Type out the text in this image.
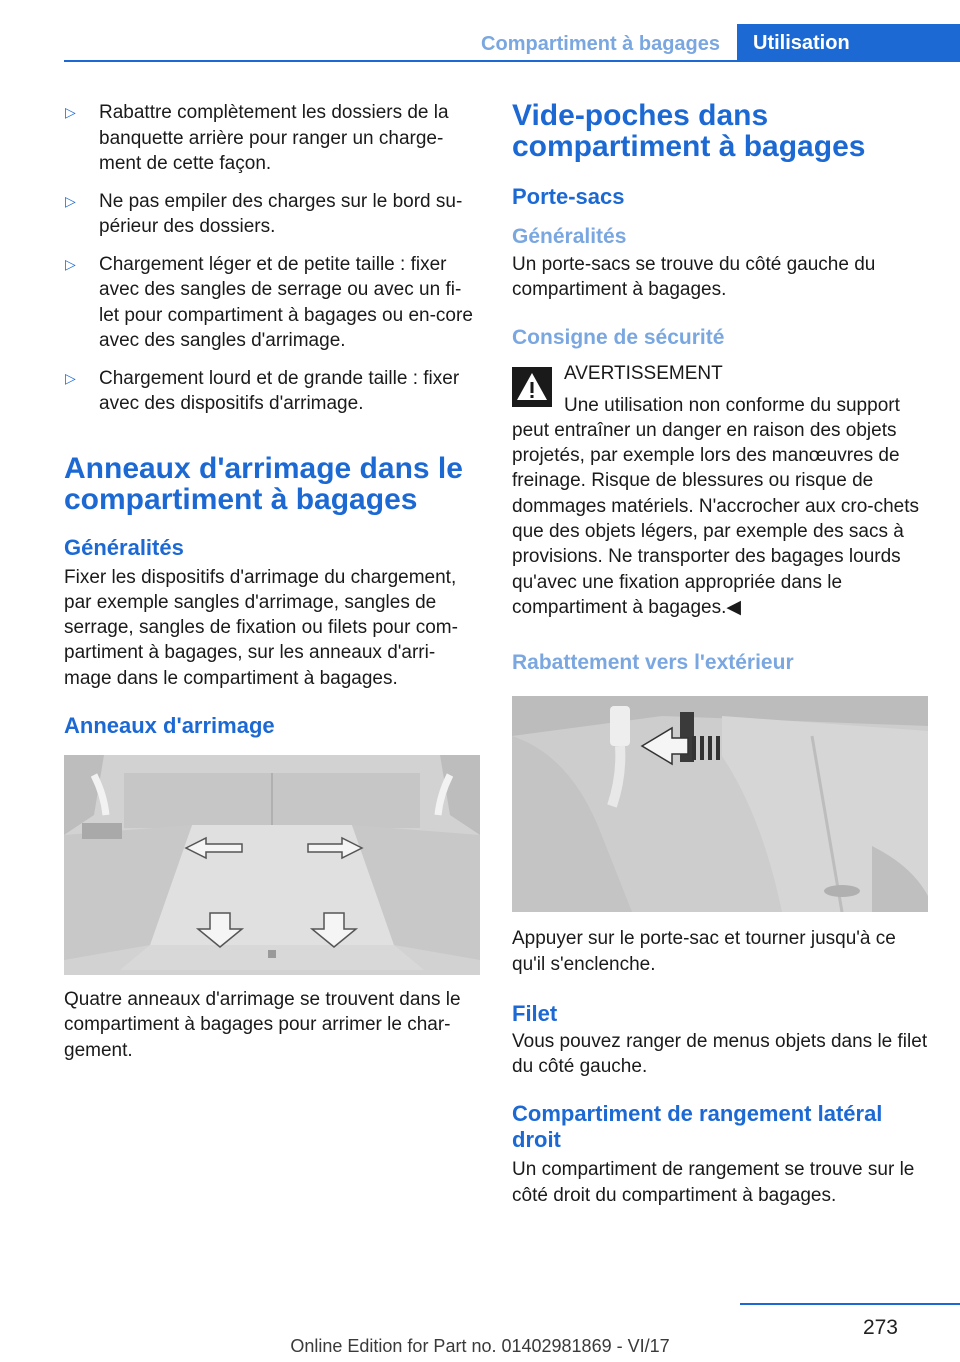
Compartiment à bagages	Utilisation
▷ Rabattre complètement les dossiers de la banquette arrière pour ranger un charge‐ment de cette façon.
▷ Ne pas empiler des charges sur le bord su‐périeur des dossiers.
▷ Chargement léger et de petite taille : fixer avec des sangles de serrage ou avec un fi‐let pour compartiment à bagages ou en‐core avec des sangles d'arrimage.
▷ Chargement lourd et de grande taille : fixer avec des dispositifs d'arrimage.
Anneaux d'arrimage dans le compartiment à bagages
Généralités

Fixer les dispositifs d'arrimage du chargement, par exemple sangles d'arrimage, sangles de serrage, sangles de fixation ou filets pour com‐partiment à bagages, sur les anneaux d'arri‐mage dans le compartiment à bagages.

Anneaux d'arrimage

Quatre anneaux d'arrimage se trouvent dans le compartiment à bagages pour arrimer le char‐gement.

Vide-poches dans compartiment à bagages
Porte-sacs
Généralités

Un porte-sacs se trouve du côté gauche du compartiment à bagages.

Consigne de sécurité
AVERTISSEMENT

Une utilisation non conforme du support peut entraîner un danger en raison des objets projetés, par exemple lors des manœuvres de freinage. Risque de blessures ou risque de dommages matériels. N'accrocher aux cro‐chets que des objets légers, par exemple des sacs à provisions. Ne transporter des bagages lourds qu'avec une fixation appropriée dans le compartiment à bagages.◀

Rabattement vers l'extérieur

Appuyer sur le porte-sac et tourner jusqu'à ce qu'il s'enclenche.

Filet

Vous pouvez ranger de menus objets dans le filet du côté gauche.

Compartiment de rangement latéral droit

Un compartiment de rangement se trouve sur le côté droit du compartiment à bagages.

273
Online Edition for Part no. 01402981869 - VI/17
